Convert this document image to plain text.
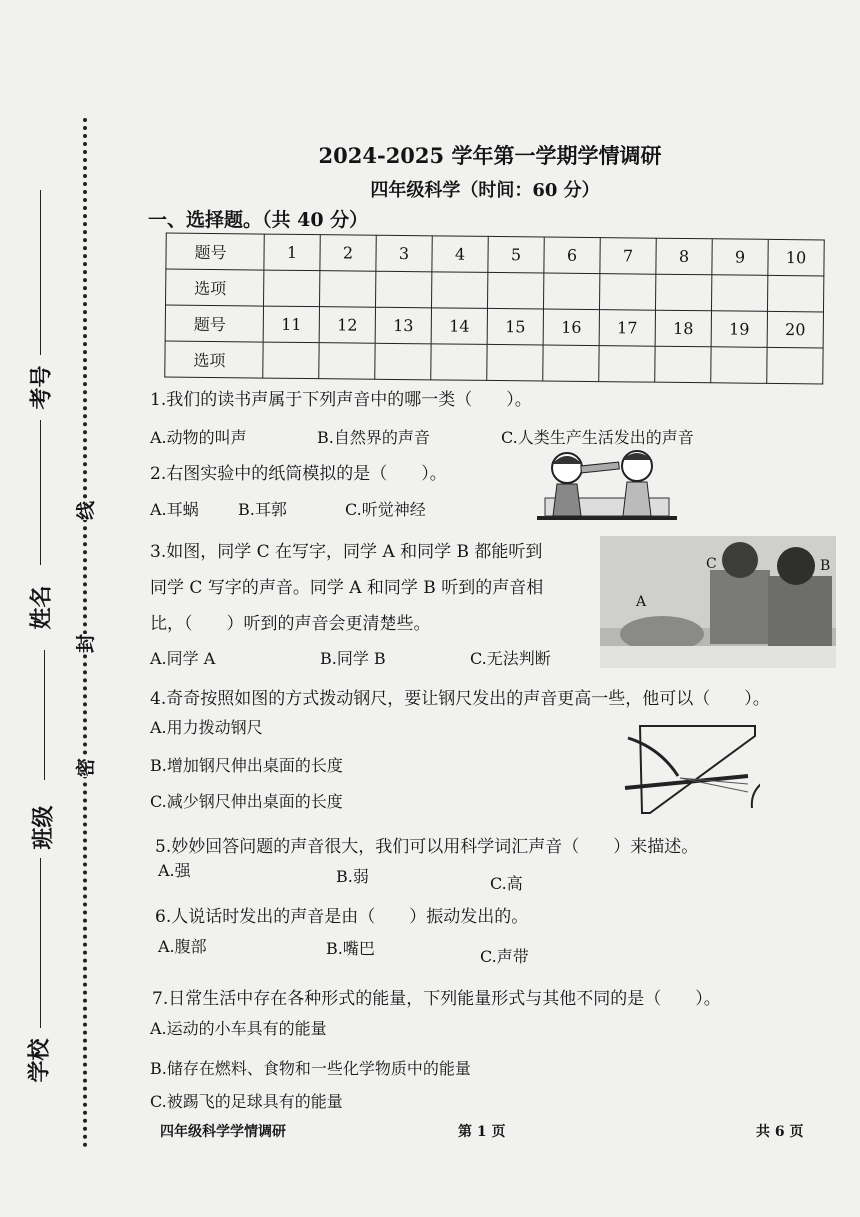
考号
姓名
班级
学校
线
封
密
2024-2025 学年第一学期学情调研
四年级科学（时间：60 分）
一、选择题。（共 40 分）
题号	1	2	3	4	5	6	7	8	9	10
选项										
题号	11	12	13	14	15	16	17	18	19	20
选项										
1.我们的读书声属于下列声音中的哪一类（　　）。
A.动物的叫声	B.自然界的声音	C.人类生产生活发出的声音
2.右图实验中的纸筒模拟的是（　　）。
A.耳蜗 B.耳郭	C.听觉神经
3.如图，同学 C 在写字，同学 A 和同学 B 都能听到
同学 C 写字的声音。同学 A 和同学 B 听到的声音相
比，（　　）听到的声音会更清楚些。
A.同学 A	B.同学 B	C.无法判断
A
B
C
4.奇奇按照如图的方式拨动钢尺，要让钢尺发出的声音更高一些，他可以（　　）。
A.用力拨动钢尺
B.增加钢尺伸出桌面的长度
C.减少钢尺伸出桌面的长度
5.妙妙回答问题的声音很大，我们可以用科学词汇声音（　　）来描述。
A.强	B.弱	C.高
6.人说话时发出的声音是由（　　）振动发出的。
A.腹部	B.嘴巴	C.声带
7.日常生活中存在各种形式的能量，下列能量形式与其他不同的是（　　）。
A.运动的小车具有的能量
B.储存在燃料、食物和一些化学物质中的能量
C.被踢飞的足球具有的能量
四年级科学学情调研	第 1 页	共 6 页
